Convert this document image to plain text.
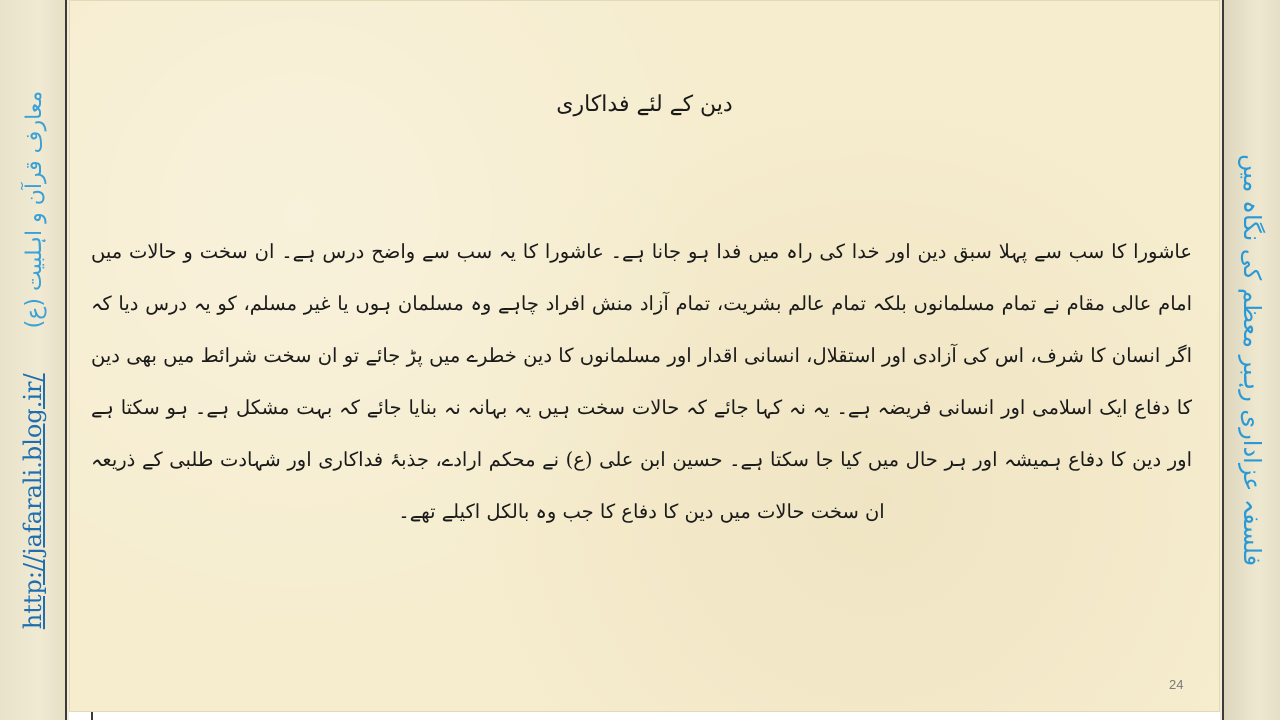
http://jafarali.blog.ir/ معارف قرآن و اہلبیت (ع)	دین کے لئے فداکاری

عاشورا کا سب سے پہلا سبق دین اور خدا کی راہ میں فدا ہو جانا ہے۔ عاشورا کا یہ سب سے واضح درس ہے۔ ان سخت و حالات میں امام عالی مقام نے تمام مسلمانوں بلکہ تمام عالم بشریت، تمام آزاد منش افراد چاہے وہ مسلمان ہوں یا غیر مسلم، کو یہ درس دیا کہ اگر انسان کا شرف، اس کی آزادی اور استقلال، انسانی اقدار اور مسلمانوں کا دین خطرے میں پڑ جائے تو ان سخت شرائط میں بھی دین کا دفاع ایک اسلامی اور انسانی فریضہ ہے۔ یہ نہ کہا جائے کہ حالات سخت ہیں یہ بہانہ نہ بنایا جائے کہ بہت مشکل ہے۔ ہو سکتا ہے اور دین کا دفاع ہمیشہ اور ہر حال میں کیا جا سکتا ہے۔ حسین ابن علی (ع) نے محکم ارادے، جذبۂ فداکاری اور شہادت طلبی کے ذریعہ ان سخت حالات میں دین کا دفاع کا جب وہ بالکل اکیلے تھے۔

24
فلسفہ عزاداری رہبر معظم کی نگاہ میں
